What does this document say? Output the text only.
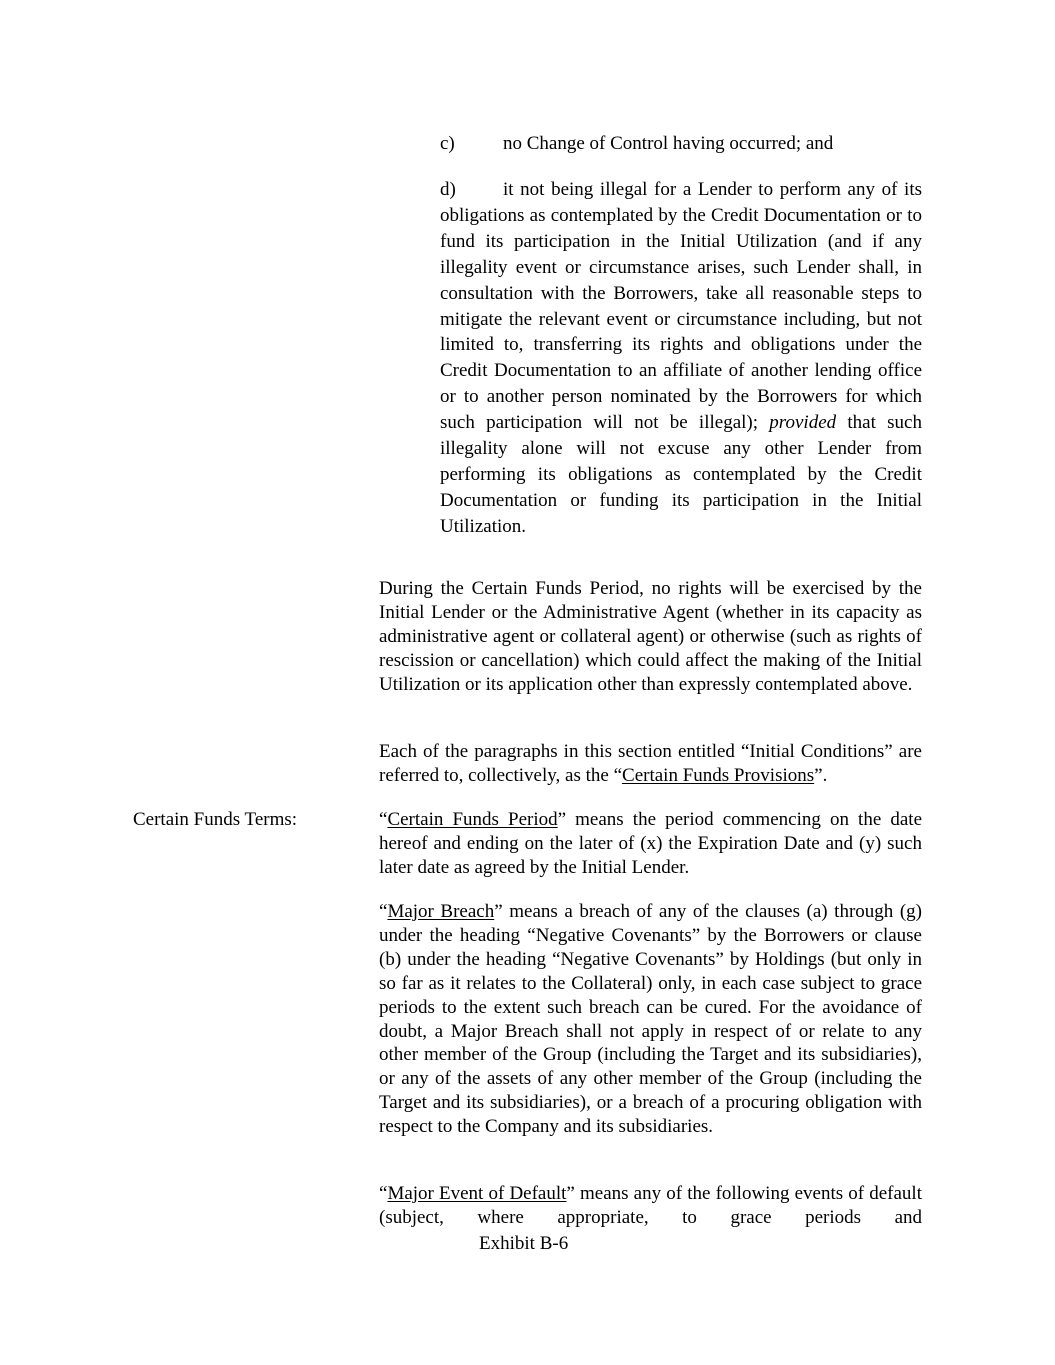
c)	no Change of Control having occurred; and

d) it not being illegal for a Lender to perform any of its obligations as contemplated by the Credit Documentation or to fund its participation in the Initial Utilization (and if any illegality event or circumstance arises, such Lender shall, in consultation with the Borrowers, take all reasonable steps to mitigate the relevant event or circumstance including, but not limited to, transferring its rights and obligations under the Credit Documentation to an affiliate of another lending office or to another person nominated by the Borrowers for which such participation will not be illegal); provided that such illegality alone will not excuse any other Lender from performing its obligations as contemplated by the Credit Documentation or funding its participation in the Initial Utilization.

During the Certain Funds Period, no rights will be exercised by the Initial Lender or the Administrative Agent (whether in its capacity as administrative agent or collateral agent) or otherwise (such as rights of rescission or cancellation) which could affect the making of the Initial Utilization or its application other than expressly contemplated above.

Each of the paragraphs in this section entitled “Initial Conditions” are referred to, collectively, as the “Certain Funds Provisions”.

Certain Funds Terms:	“Certain Funds Period” means the period commencing on the date hereof and ending on the later of (x) the Expiration Date and (y) such later date as agreed by the Initial Lender.

“Major Breach” means a breach of any of the clauses (a) through (g) under the heading “Negative Covenants” by the Borrowers or clause (b) under the heading “Negative Covenants” by Holdings (but only in so far as it relates to the Collateral) only, in each case subject to grace periods to the extent such breach can be cured. For the avoidance of doubt, a Major Breach shall not apply in respect of or relate to any other member of the Group (including the Target and its subsidiaries), or any of the assets of any other member of the Group (including the Target and its subsidiaries), or a breach of a procuring obligation with respect to the Company and its subsidiaries.

“Major Event of Default” means any of the following events of default (subject, where appropriate, to grace periods and

Exhibit B-6
